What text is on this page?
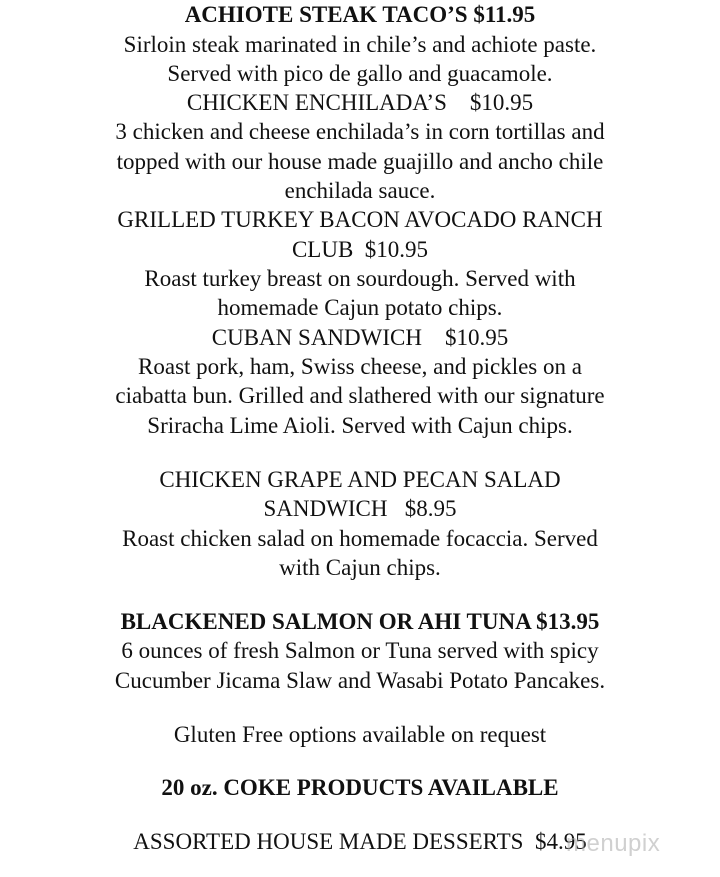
ACHIOTE STEAK TACO’S $11.95
Sirloin steak marinated in chile’s and achiote paste.
Served with pico de gallo and guacamole.
CHICKEN ENCHILADA’S    $10.95
3 chicken and cheese enchilada’s in corn tortillas and
topped with our house made guajillo and ancho chile
enchilada sauce.
GRILLED TURKEY BACON AVOCADO RANCH
CLUB  $10.95
Roast turkey breast on sourdough. Served with
homemade Cajun potato chips.
CUBAN SANDWICH    $10.95
Roast pork, ham, Swiss cheese, and pickles on a
ciabatta bun. Grilled and slathered with our signature
Sriracha Lime Aioli. Served with Cajun chips.
CHICKEN GRAPE AND PECAN SALAD
SANDWICH   $8.95
Roast chicken salad on homemade focaccia. Served
with Cajun chips.
BLACKENED SALMON OR AHI TUNA $13.95
6 ounces of fresh Salmon or Tuna served with spicy
Cucumber Jicama Slaw and Wasabi Potato Pancakes.
Gluten Free options available on request
20 oz. COKE PRODUCTS AVAILABLE
ASSORTED HOUSE MADE DESSERTS  $4.95
menupix
